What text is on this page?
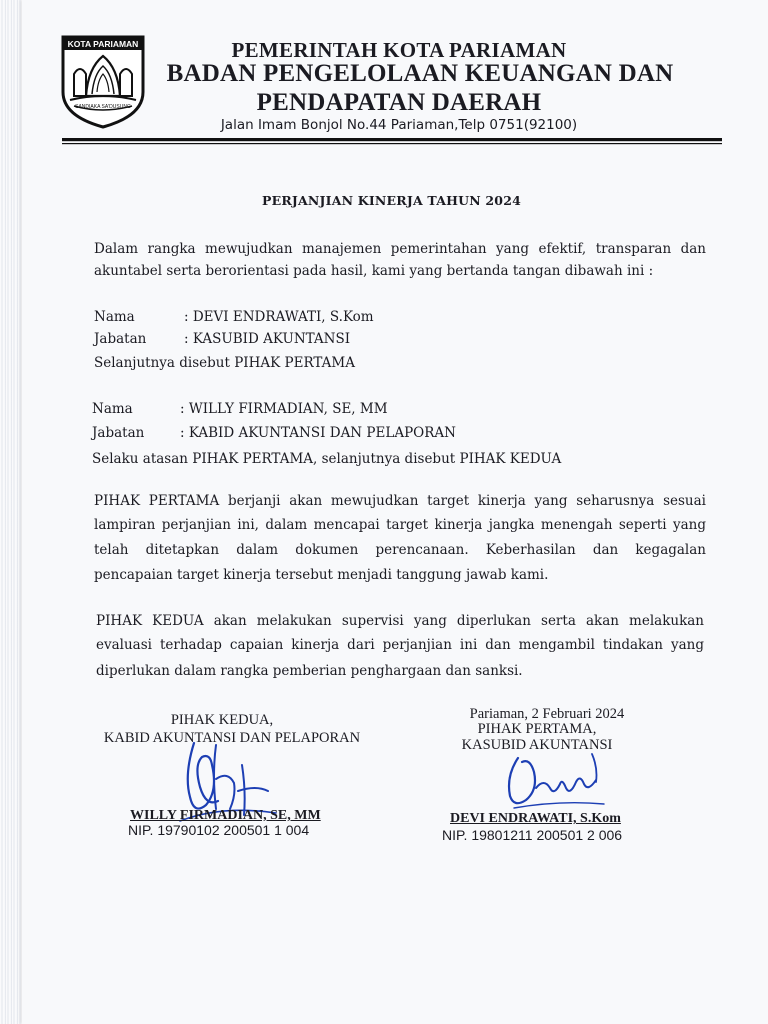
KOTA PARIAMAN
SANDIAKA SA'DUSUNG
PEMERINTAH KOTA PARIAMAN
BADAN PENGELOLAAN KEUANGAN DAN
PENDAPATAN DAERAH
Jalan Imam Bonjol No.44 Pariaman,Telp 0751(92100)
PERJANJIAN KINERJA TAHUN 2024
Dalam rangka mewujudkan manajemen pemerintahan yang efektif, transparan dan
akuntabel serta berorientasi pada hasil, kami yang bertanda tangan dibawah ini :
Nama	: DEVI ENDRAWATI, S.Kom
Jabatan	: KASUBID AKUNTANSI
Selanjutnya disebut PIHAK PERTAMA
Nama	: WILLY FIRMADIAN, SE, MM
Jabatan	: KABID AKUNTANSI DAN PELAPORAN
Selaku atasan PIHAK PERTAMA, selanjutnya disebut PIHAK KEDUA
PIHAK PERTAMA berjanji akan mewujudkan target kinerja yang seharusnya sesuai
lampiran perjanjian ini, dalam mencapai target kinerja jangka menengah seperti yang
telah ditetapkan dalam dokumen perencanaan. Keberhasilan dan kegagalan
pencapaian target kinerja tersebut menjadi tanggung jawab kami.
PIHAK KEDUA akan melakukan supervisi yang diperlukan serta akan melakukan
evaluasi terhadap capaian kinerja dari perjanjian ini dan mengambil tindakan yang
diperlukan dalam rangka pemberian penghargaan dan sanksi.
PIHAK KEDUA,
KABID AKUNTANSI DAN PELAPORAN
WILLY FIRMADIAN, SE, MM
NIP. 19790102 200501 1 004
Pariaman, 2 Februari 2024
PIHAK PERTAMA,
KASUBID AKUNTANSI
DEVI ENDRAWATI, S.Kom
NIP. 19801211 200501 2 006
